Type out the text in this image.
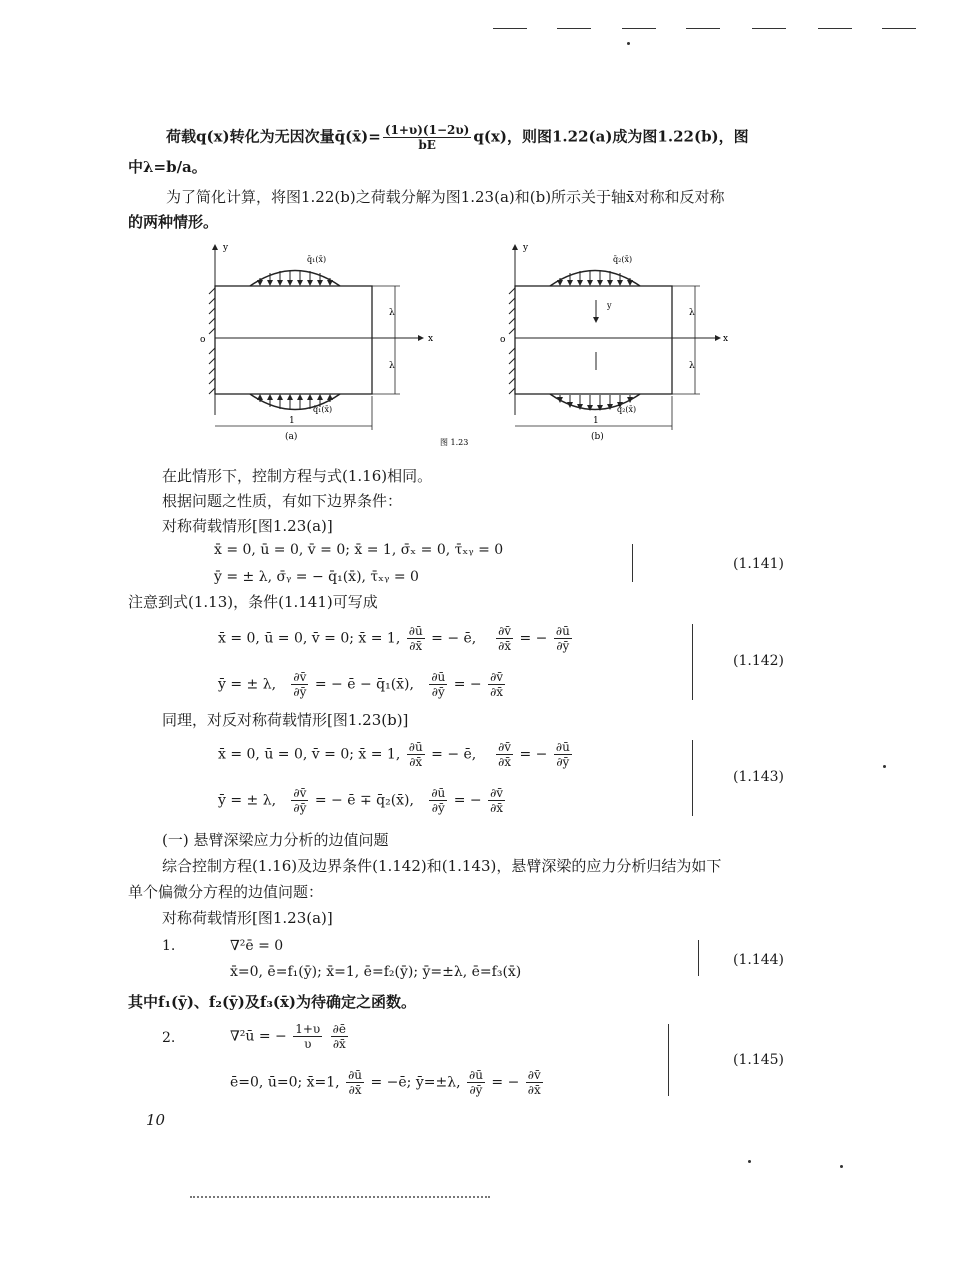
荷载q(x)转化为无因次量q̄(x̄)= $\frac{(1+\upsilon)(1-2\upsilon)}{bE} q(x)$，则图1.22(a)成为图1.22(b)，图
中λ=b/a。
为了简化计算，将图1.22(b)之荷载分解为图1.23(a)和(b)所示关于轴x̄对称和反对称
的两种情形。
y
x
o
q̄₁(x̄)
q̄₁(x̄)
λ
λ
1
(a)
图 1.23
y
x
o
y
q̄₂(x̄)
q̄₂(x̄)
λ
λ
1
(b)
在此情形下，控制方程与式(1.16)相同。
根据问题之性质，有如下边界条件：
对称荷载情形[图1.23(a)]
x̄ = 0, ū = 0, v̄ = 0; x̄ = 1, σ̄ₓ = 0, τ̄ₓᵧ = 0
ȳ = ± λ, σ̄ᵧ = − q̄₁(x̄), τ̄ₓᵧ = 0
(1.141)
注意到式(1.13)，条件(1.141)可写成
x̄ = 0, ū = 0, v̄ = 0; x̄ = 1, $\frac{\partial ū}{\partial x̄}$ = − ē, $\frac{\partial v̄}{\partial x̄}$ = − $\frac{\partial ū}{\partial ȳ}$
ȳ = ± λ, $\frac{\partial v̄}{\partial ȳ}$ = − ē − q̄₁(x̄), $\frac{\partial ū}{\partial ȳ}$ = − $\frac{\partial v̄}{\partial x̄}$
(1.142)
同理，对反对称荷载情形[图1.23(b)]
x̄ = 0, ū = 0, v̄ = 0; x̄ = 1, $\frac{\partial ū}{\partial x̄}$ = − ē, $\frac{\partial v̄}{\partial x̄}$ = − $\frac{\partial ū}{\partial ȳ}$
ȳ = ± λ, $\frac{\partial v̄}{\partial ȳ}$ = − ē ∓ q̄₂(x̄), $\frac{\partial ū}{\partial ȳ}$ = − $\frac{\partial v̄}{\partial x̄}$
(1.143)
(一) 悬臂深梁应力分析的边值问题
综合控制方程(1.16)及边界条件(1.142)和(1.143)，悬臂深梁的应力分析归结为如下
单个偏微分方程的边值问题：
对称荷载情形[图1.23(a)]
1.	∇²ē = 0
x̄=0, ē=f₁(ȳ); x̄=1, ē=f₂(ȳ); ȳ=±λ, ē=f₃(x̄)
(1.144)
其中f₁(ȳ)、f₂(ȳ)及f₃(x̄)为待确定之函数。
2.	∇²ū = − $\frac{1+\upsilon}{\upsilon}$
$\frac{\partial ē}{\partial x̄}$
ē=0, ū=0; x̄=1, $\frac{\partial ū}{\partial x̄}$ = −ē; ȳ=±λ, $\frac{\partial ū}{\partial ȳ}$ = − $\frac{\partial v̄}{\partial x̄}$
(1.145)
10
